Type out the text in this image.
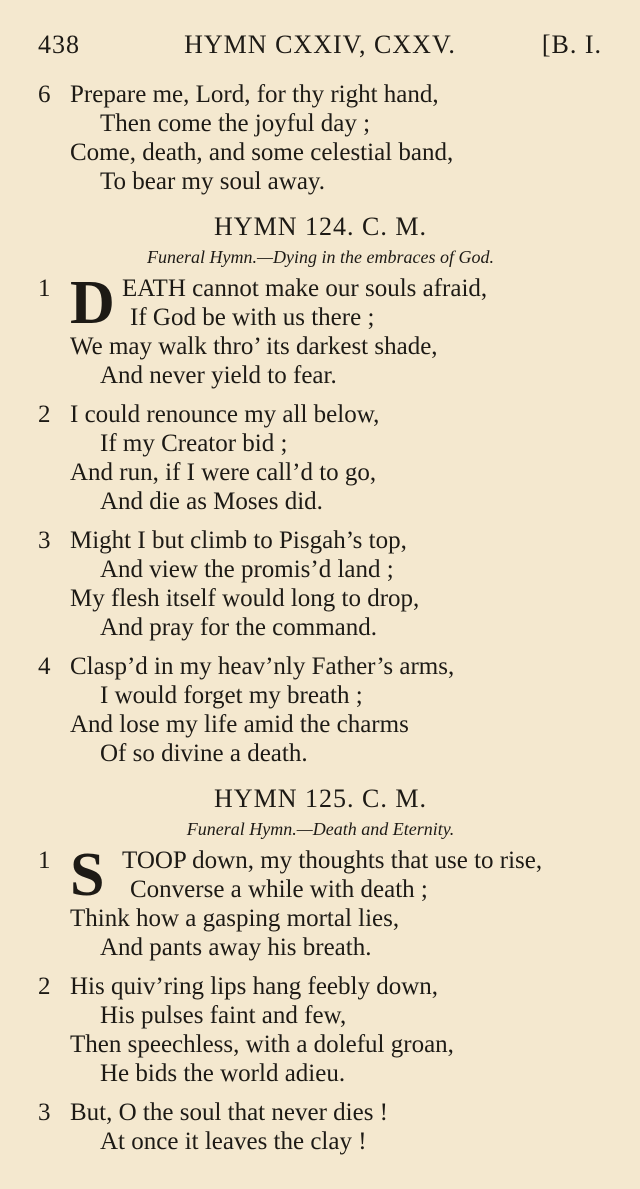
438	HYMN CXXIV, CXXV.	[B. I.
6 Prepare me, Lord, for thy right hand,
Then come the joyful day ;
Come, death, and some celestial band,
To bear my soul away.
HYMN 124. C. M.
Funeral Hymn.—Dying in the embraces of God.
D
1	EATH cannot make our souls afraid,
If God be with us there ;
We may walk thro’ its darkest shade,
And never yield to fear.
2 I could renounce my all below,
If my Creator bid ;
And run, if I were call’d to go,
And die as Moses did.
3 Might I but climb to Pisgah’s top,
And view the promis’d land ;
My flesh itself would long to drop,
And pray for the command.
4 Clasp’d in my heav’nly Father’s arms,
I would forget my breath ;
And lose my life amid the charms
Of so divine a death.
HYMN 125. C. M.
Funeral Hymn.—Death and Eternity.
S
1	TOOP down, my thoughts that use to rise,
Converse a while with death ;
Think how a gasping mortal lies,
And pants away his breath.
2 His quiv’ring lips hang feebly down,
His pulses faint and few,
Then speechless, with a doleful groan,
He bids the world adieu.
3 But, O the soul that never dies !
At once it leaves the clay !
